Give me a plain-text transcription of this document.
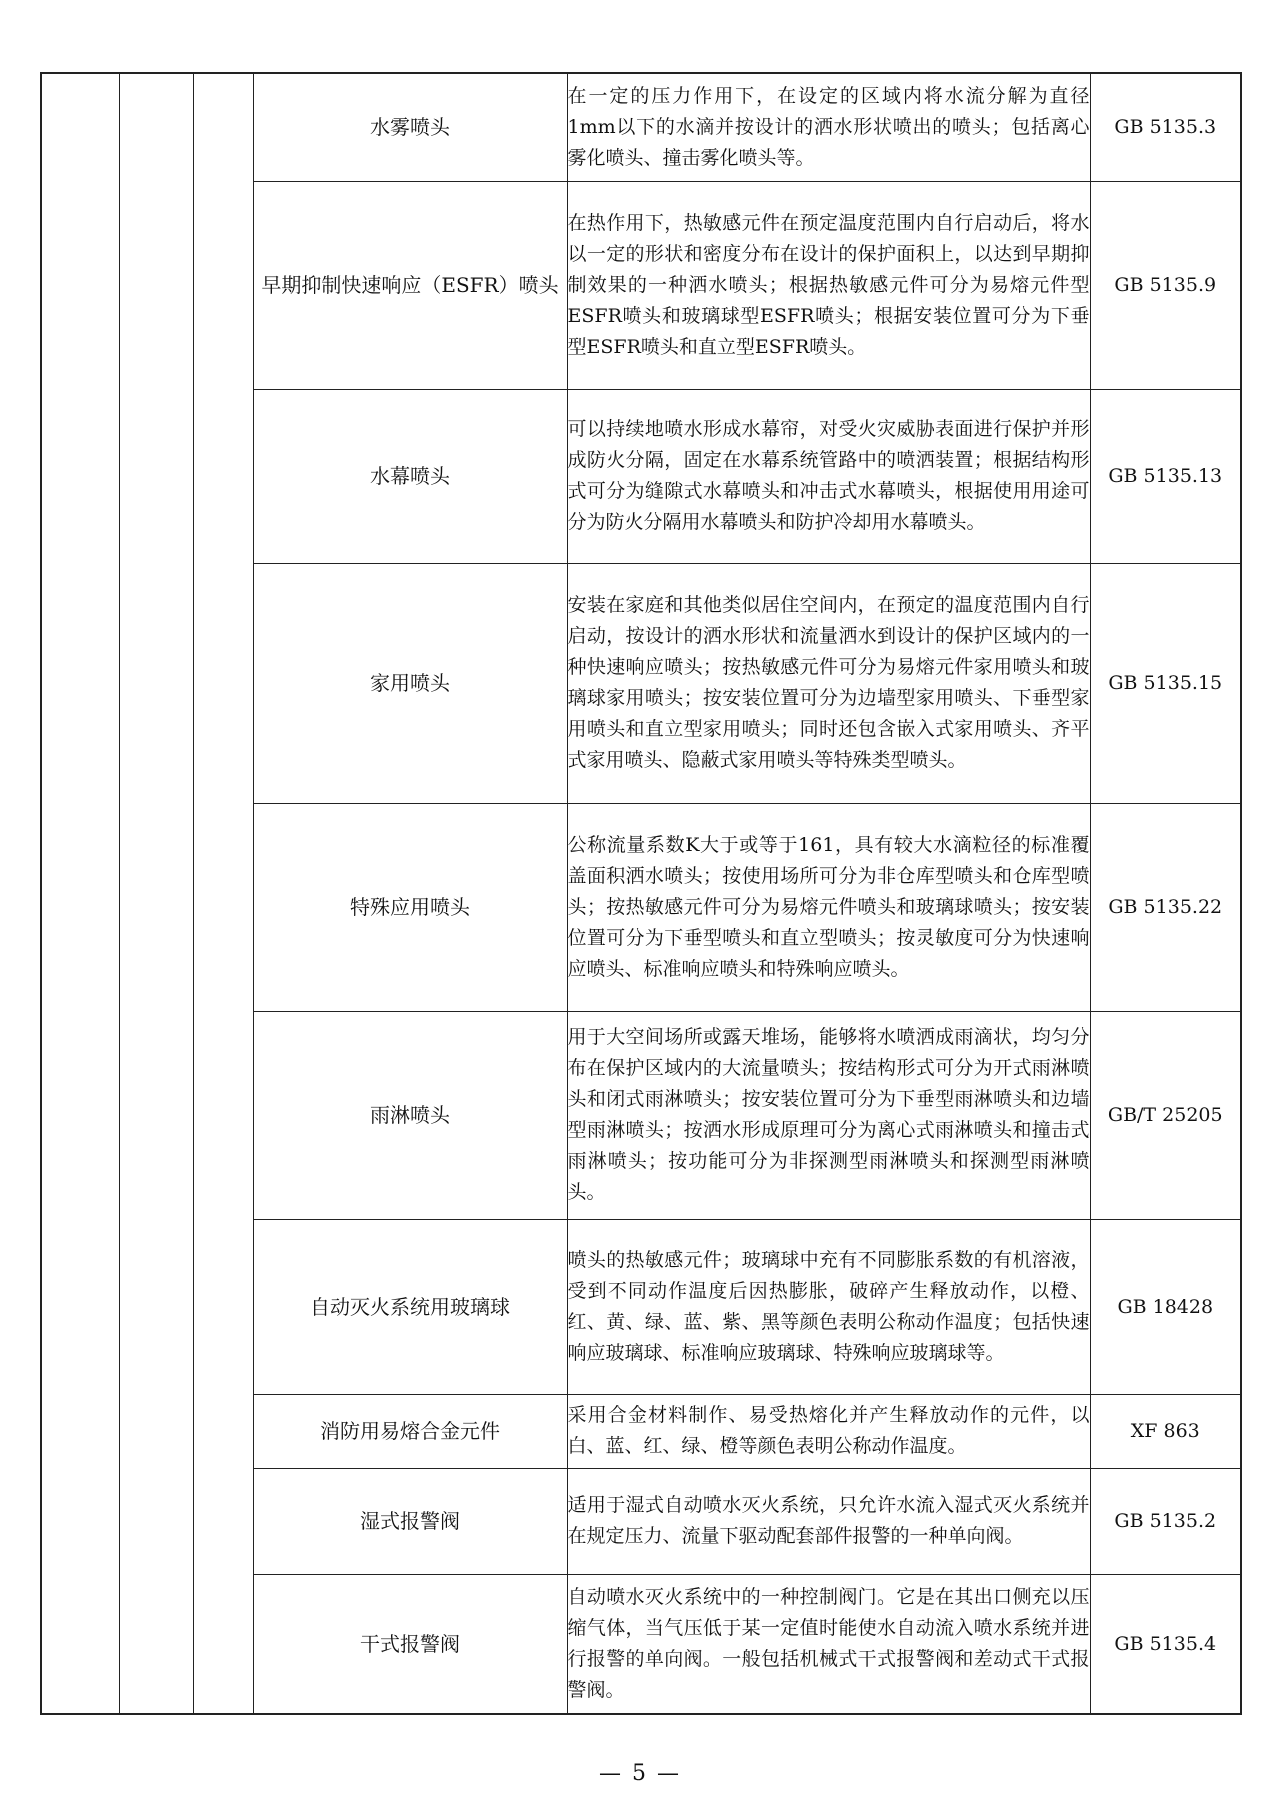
			水雾喷头	在一定的压力作用下，在设定的区域内将水流分解为直径1mm以下的水滴并按设计的洒水形状喷出的喷头；包括离心雾化喷头、撞击雾化喷头等。	GB 5135.3
			早期抑制快速响应（ESFR）喷头	在热作用下，热敏感元件在预定温度范围内自行启动后，将水以一定的形状和密度分布在设计的保护面积上，以达到早期抑制效果的一种洒水喷头；根据热敏感元件可分为易熔元件型ESFR喷头和玻璃球型ESFR喷头；根据安装位置可分为下垂型ESFR喷头和直立型ESFR喷头。	GB 5135.9
			水幕喷头	可以持续地喷水形成水幕帘，对受火灾威胁表面进行保护并形成防火分隔，固定在水幕系统管路中的喷洒装置；根据结构形式可分为缝隙式水幕喷头和冲击式水幕喷头，根据使用用途可分为防火分隔用水幕喷头和防护冷却用水幕喷头。	GB 5135.13
			家用喷头	安装在家庭和其他类似居住空间内，在预定的温度范围内自行启动，按设计的洒水形状和流量洒水到设计的保护区域内的一种快速响应喷头；按热敏感元件可分为易熔元件家用喷头和玻璃球家用喷头；按安装位置可分为边墙型家用喷头、下垂型家用喷头和直立型家用喷头；同时还包含嵌入式家用喷头、齐平式家用喷头、隐蔽式家用喷头等特殊类型喷头。	GB 5135.15
			特殊应用喷头	公称流量系数K大于或等于161，具有较大水滴粒径的标准覆盖面积洒水喷头；按使用场所可分为非仓库型喷头和仓库型喷头；按热敏感元件可分为易熔元件喷头和玻璃球喷头；按安装位置可分为下垂型喷头和直立型喷头；按灵敏度可分为快速响应喷头、标准响应喷头和特殊响应喷头。	GB 5135.22
			雨淋喷头	用于大空间场所或露天堆场，能够将水喷洒成雨滴状，均匀分布在保护区域内的大流量喷头；按结构形式可分为开式雨淋喷头和闭式雨淋喷头；按安装位置可分为下垂型雨淋喷头和边墙型雨淋喷头；按洒水形成原理可分为离心式雨淋喷头和撞击式雨淋喷头；按功能可分为非探测型雨淋喷头和探测型雨淋喷头。	GB/T 25205
			自动灭火系统用玻璃球	喷头的热敏感元件；玻璃球中充有不同膨胀系数的有机溶液，受到不同动作温度后因热膨胀，破碎产生释放动作，以橙、红、黄、绿、蓝、紫、黑等颜色表明公称动作温度；包括快速响应玻璃球、标准响应玻璃球、特殊响应玻璃球等。	GB 18428
			消防用易熔合金元件	采用合金材料制作、易受热熔化并产生释放动作的元件，以白、蓝、红、绿、橙等颜色表明公称动作温度。	XF 863
			湿式报警阀	适用于湿式自动喷水灭火系统，只允许水流入湿式灭火系统并在规定压力、流量下驱动配套部件报警的一种单向阀。	GB 5135.2
			干式报警阀	自动喷水灭火系统中的一种控制阀门。它是在其出口侧充以压缩气体，当气压低于某一定值时能使水自动流入喷水系统并进行报警的单向阀。一般包括机械式干式报警阀和差动式干式报警阀。	GB 5135.4
— 5 —
